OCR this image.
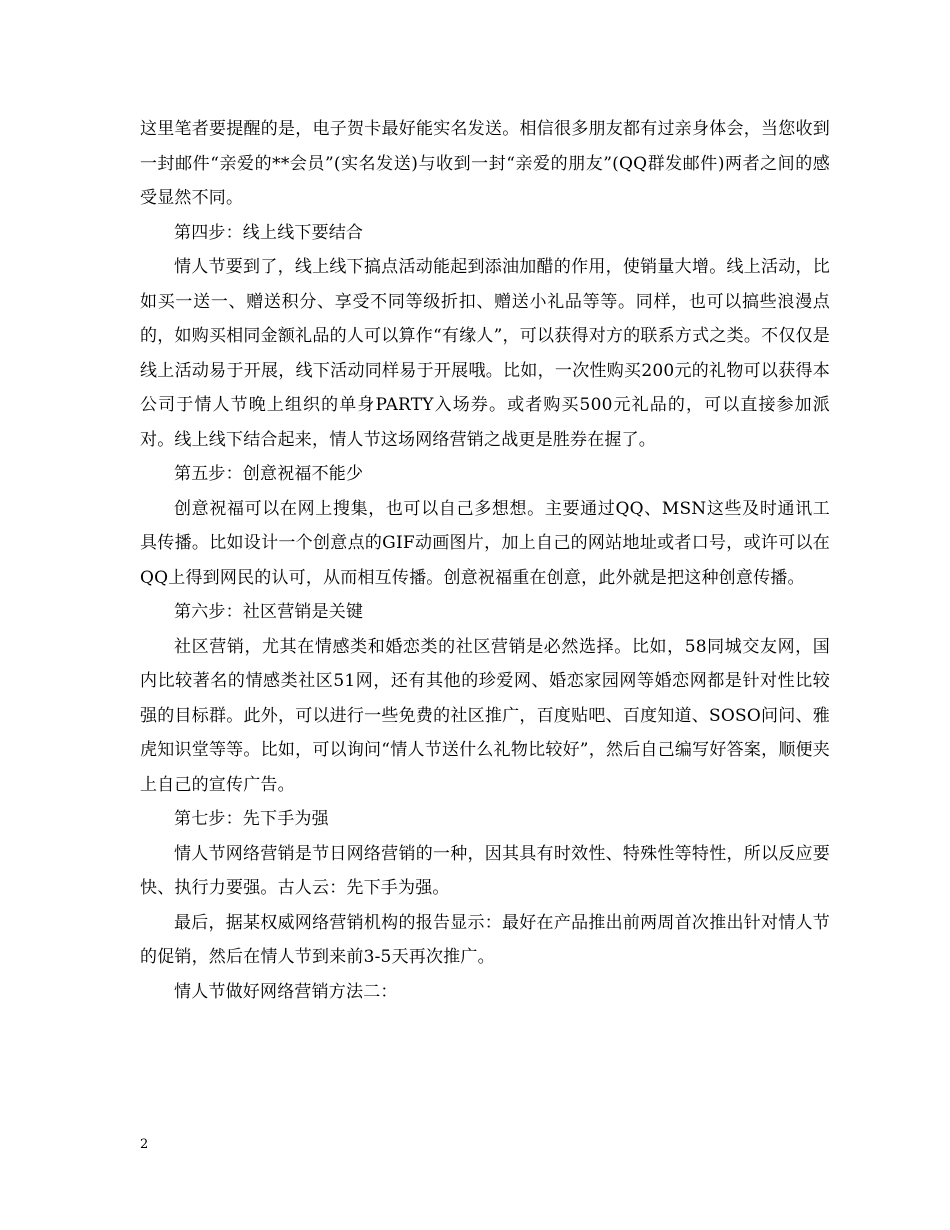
这里笔者要提醒的是，电子贺卡最好能实名发送。相信很多朋友都有过亲身体会，当您收到一封邮件“亲爱的**会员”(实名发送)与收到一封“亲爱的朋友”(QQ群发邮件)两者之间的感受显然不同。

第四步：线上线下要结合

情人节要到了，线上线下搞点活动能起到添油加醋的作用，使销量大增。线上活动，比如买一送一、赠送积分、享受不同等级折扣、赠送小礼品等等。同样，也可以搞些浪漫点的，如购买相同金额礼品的人可以算作“有缘人”，可以获得对方的联系方式之类。不仅仅是线上活动易于开展，线下活动同样易于开展哦。比如，一次性购买200元的礼物可以获得本公司于情人节晚上组织的单身PARTY入场券。或者购买500元礼品的，可以直接参加派对。线上线下结合起来，情人节这场网络营销之战更是胜券在握了。

第五步：创意祝福不能少

创意祝福可以在网上搜集，也可以自己多想想。主要通过QQ、MSN这些及时通讯工具传播。比如设计一个创意点的GIF动画图片，加上自己的网站地址或者口号，或许可以在QQ上得到网民的认可，从而相互传播。创意祝福重在创意，此外就是把这种创意传播。

第六步：社区营销是关键

社区营销，尤其在情感类和婚恋类的社区营销是必然选择。比如，58同城交友网，国内比较著名的情感类社区51网，还有其他的珍爱网、婚恋家园网等婚恋网都是针对性比较强的目标群。此外，可以进行一些免费的社区推广，百度贴吧、百度知道、SOSO问问、雅虎知识堂等等。比如，可以询问“情人节送什么礼物比较好”，然后自己编写好答案，顺便夹上自己的宣传广告。

第七步：先下手为强

情人节网络营销是节日网络营销的一种，因其具有时效性、特殊性等特性，所以反应要快、执行力要强。古人云：先下手为强。

最后，据某权威网络营销机构的报告显示：最好在产品推出前两周首次推出针对情人节的促销，然后在情人节到来前3-5天再次推广。

情人节做好网络营销方法二：

2
